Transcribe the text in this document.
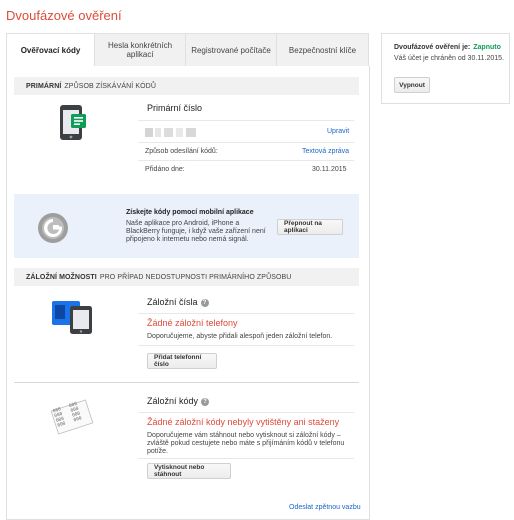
Dvoufázové ověření
Ověřovací kódy	Hesla konkrétních aplikací	Registrované počítače	Bezpečnostní klíče
PRIMÁRNÍ ZPŮSOB ZÍSKÁVÁNÍ KÓDŮ
Primární číslo
Upravit
Způsob odesílání kódů:	Textová zpráva
Přidáno dne:	30.11.2015
Získejte kódy pomocí mobilní aplikace
Naše aplikace pro Android, iPhone a BlackBerry funguje, i když vaše zařízení není připojeno k internetu nebo nemá signál.
Přepnout na aplikaci
ZÁLOŽNÍ MOŽNOSTI PRO PŘÍPAD NEDOSTUPNOSTI PRIMÁRNÍHO ZPŮSOBU
Záložní čísla ?
Žádné záložní telefony
Doporučujeme, abyste přidali alespoň jeden záložní telefon.
Přidat telefonní číslo
000 000
000 000
000 000
000 000
Záložní kódy ?
Žádné záložní kódy nebyly vytištěny ani staženy
Doporučujeme vám stáhnout nebo vytisknout si záložní kódy – zvláště pokud cestujete nebo máte s přijímáním kódů v telefonu potíže.
Vytisknout nebo stáhnout
Odeslat zpětnou vazbu
Dvoufázové ověření je: Zapnuto
Váš účet je chráněn od 30.11.2015.
Vypnout
